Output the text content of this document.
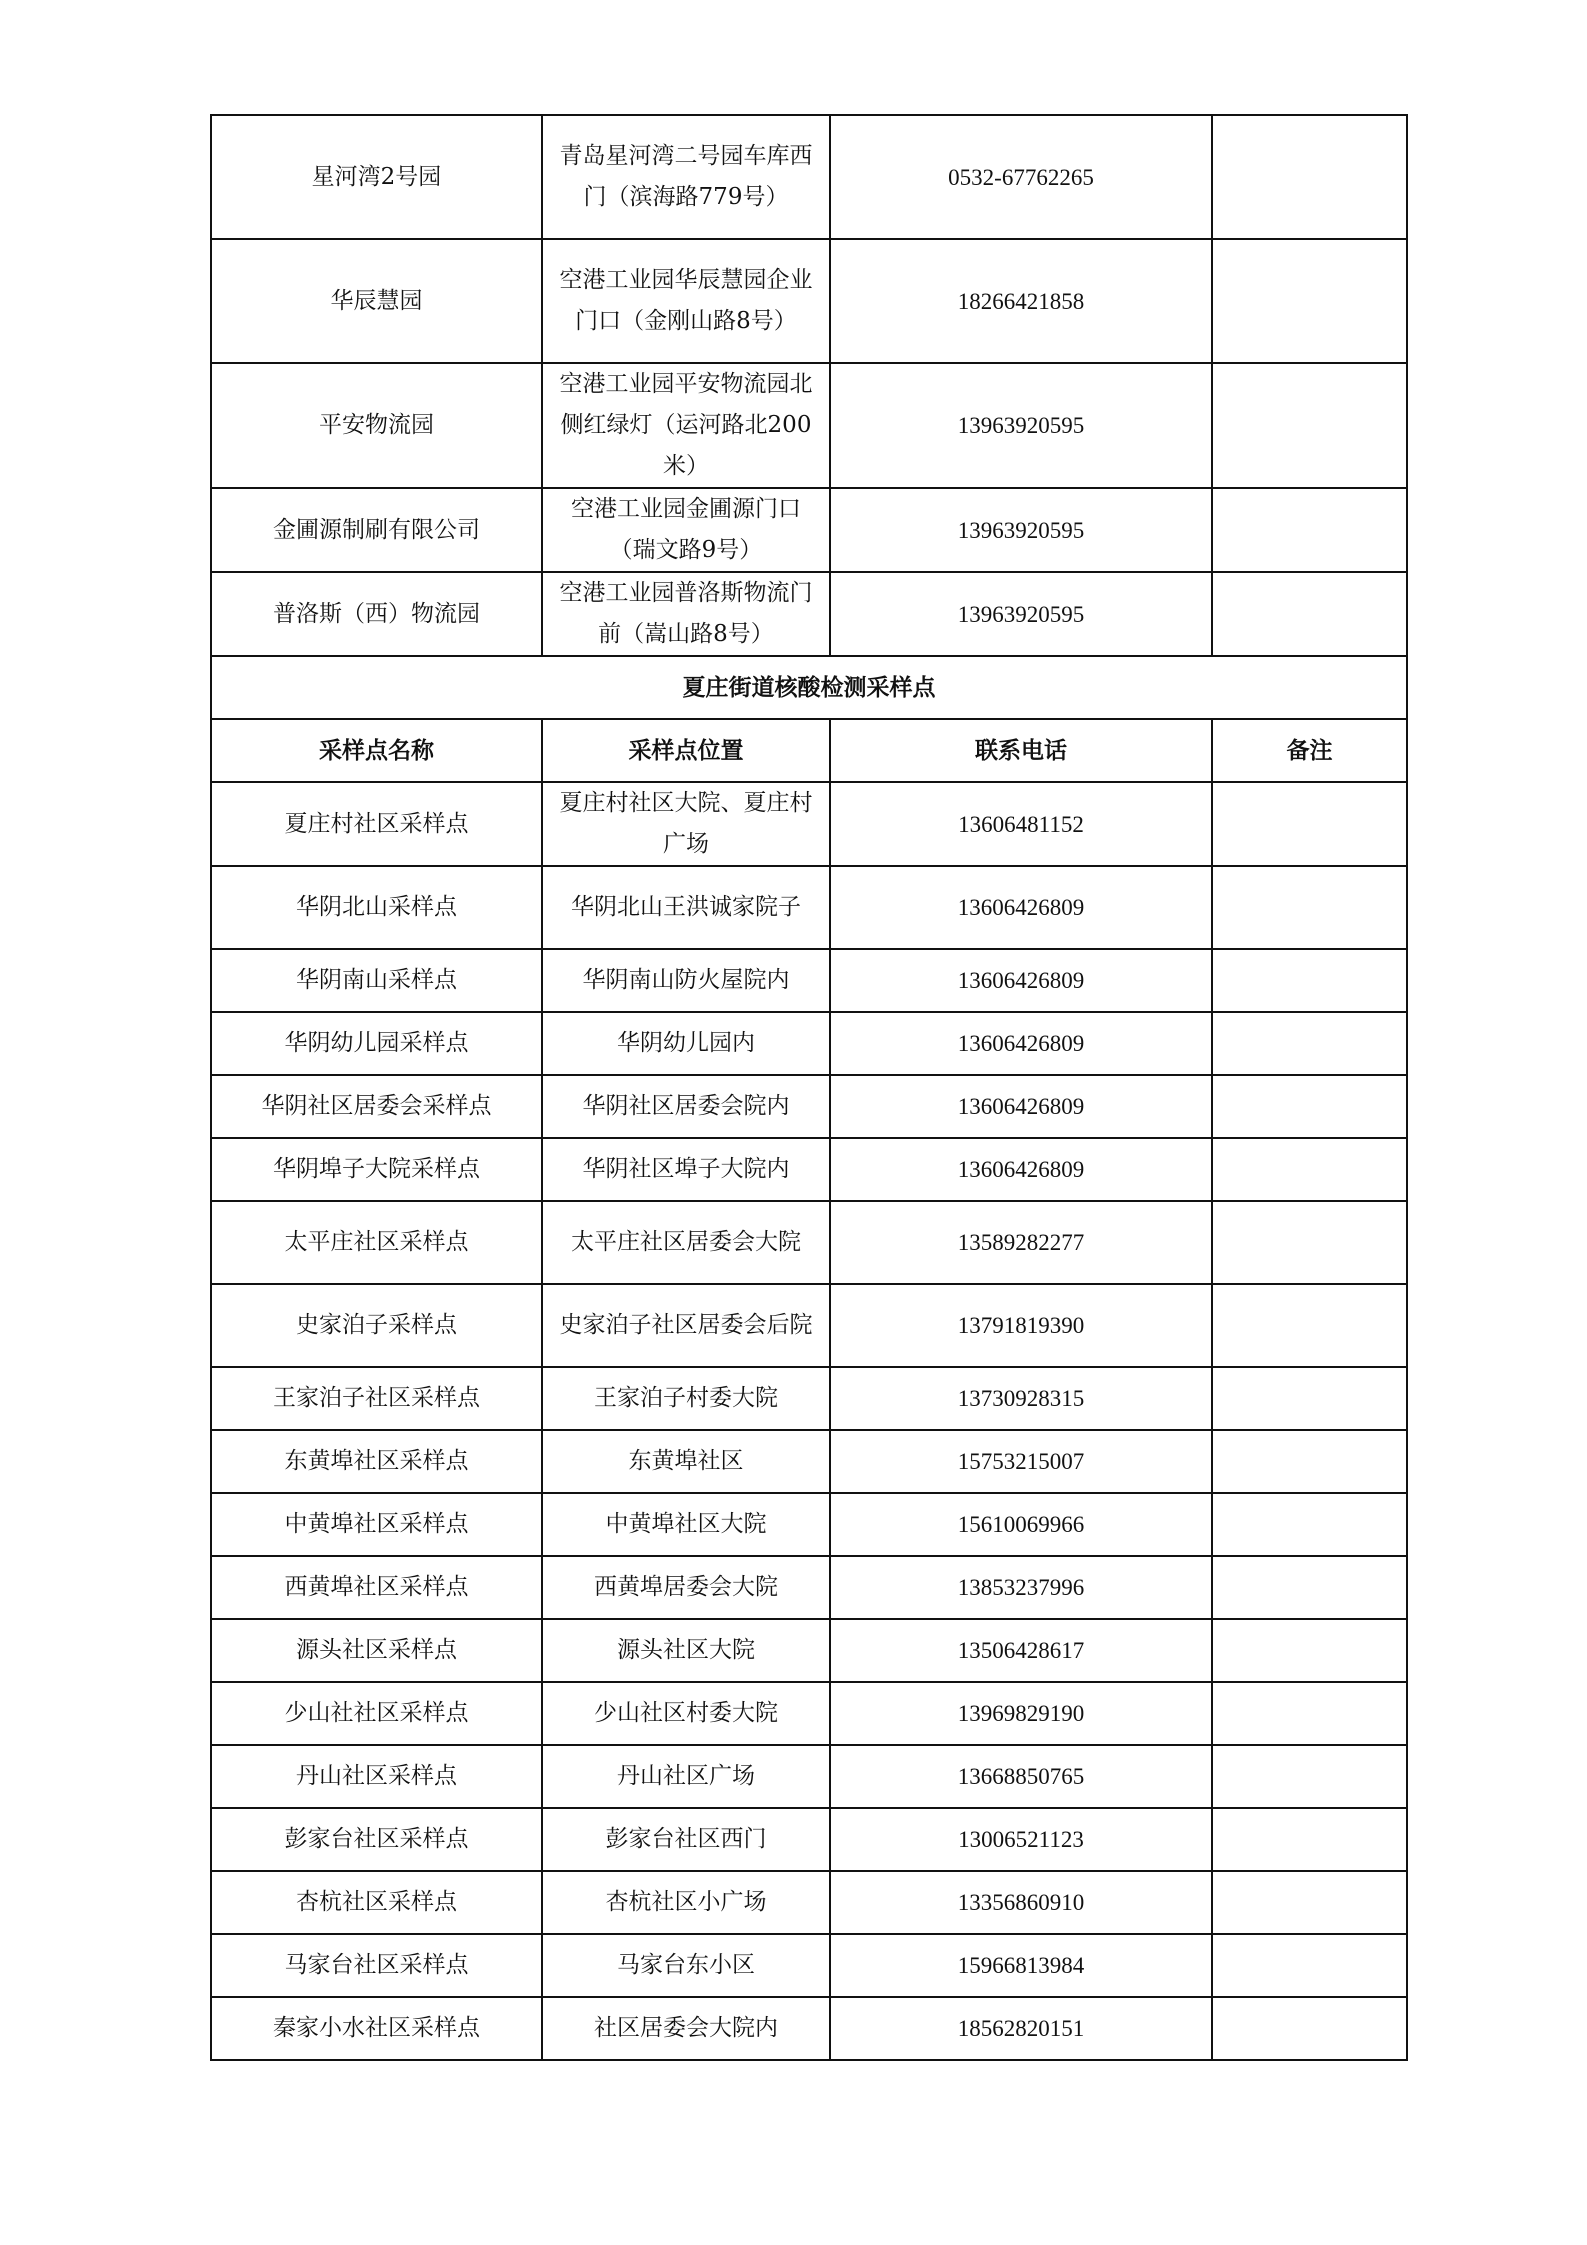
星河湾2号园	青岛星河湾二号园车库西门（滨海路779号）	0532-67762265	
华辰慧园	空港工业园华辰慧园企业门口（金刚山路8号）	18266421858	
平安物流园	空港工业园平安物流园北侧红绿灯（运河路北200米）	13963920595	
金圃源制刷有限公司	空港工业园金圃源门口（瑞文路9号）	13963920595	
普洛斯（西）物流园	空港工业园普洛斯物流门前（嵩山路8号）	13963920595	
夏庄街道核酸检测采样点			
采样点名称	采样点位置	联系电话	备注
夏庄村社区采样点	夏庄村社区大院、夏庄村广场	13606481152	
华阴北山采样点	华阴北山王洪诚家院子	13606426809	
华阴南山采样点	华阴南山防火屋院内	13606426809	
华阴幼儿园采样点	华阴幼儿园内	13606426809	
华阴社区居委会采样点	华阴社区居委会院内	13606426809	
华阴埠子大院采样点	华阴社区埠子大院内	13606426809	
太平庄社区采样点	太平庄社区居委会大院	13589282277	
史家泊子采样点	史家泊子社区居委会后院	13791819390	
王家泊子社区采样点	王家泊子村委大院	13730928315	
东黄埠社区采样点	东黄埠社区	15753215007	
中黄埠社区采样点	中黄埠社区大院	15610069966	
西黄埠社区采样点	西黄埠居委会大院	13853237996	
源头社区采样点	源头社区大院	13506428617	
少山社社区采样点	少山社区村委大院	13969829190	
丹山社区采样点	丹山社区广场	13668850765	
彭家台社区采样点	彭家台社区西门	13006521123	
杏杭社区采样点	杏杭社区小广场	13356860910	
马家台社区采样点	马家台东小区	15966813984	
秦家小水社区采样点	社区居委会大院内	18562820151	
